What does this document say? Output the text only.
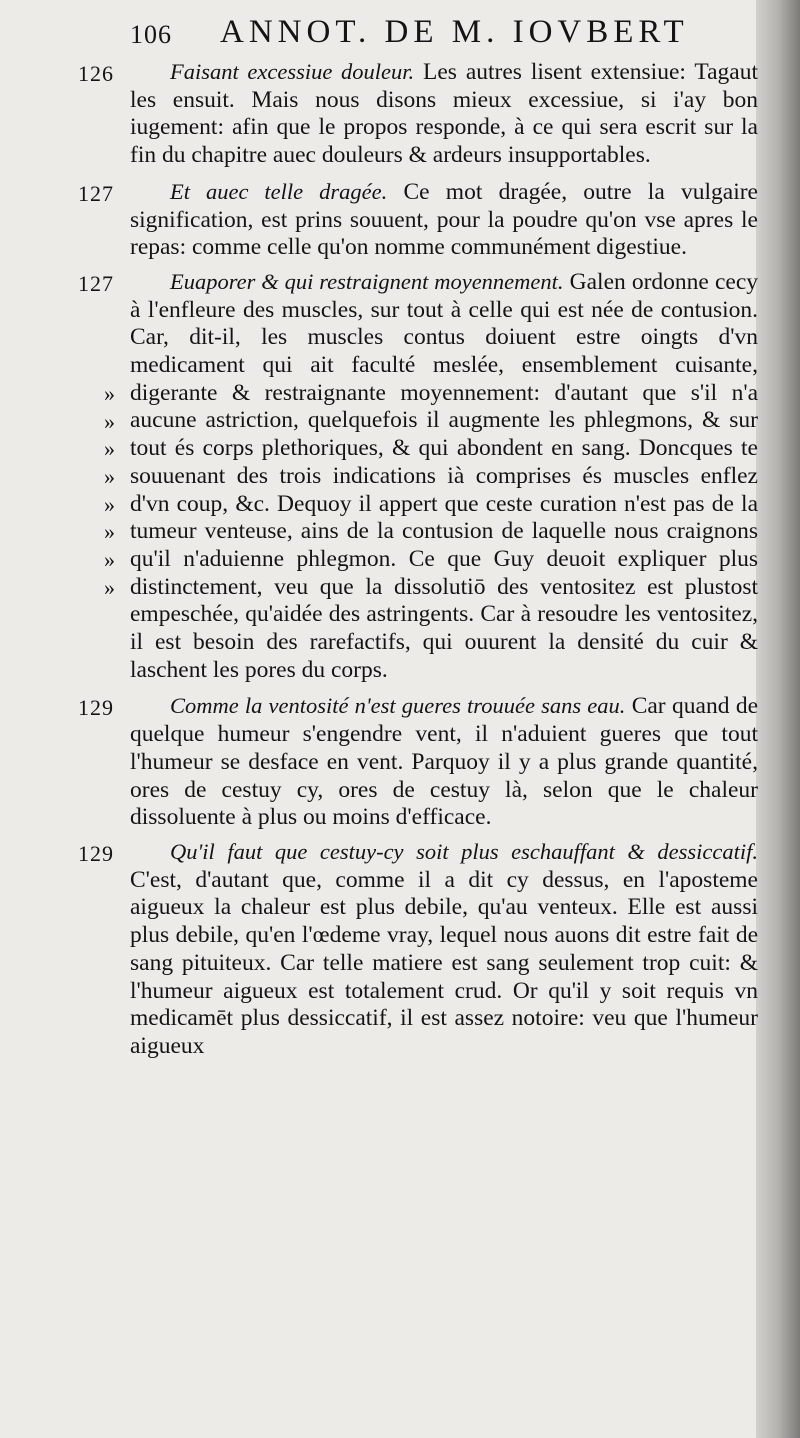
106 ANNOT. DE M. IOVBERT
126	Faisant excessiue douleur. Les autres lisent extensiue: Tagaut les ensuit. Mais nous disons mieux excessiue, si i'ay bon iugement: afin que le propos responde, à ce qui sera escrit sur la fin du chapitre auec douleurs & ardeurs insupportables.
127	Et auec telle dragée. Ce mot dragée, outre la vulgaire signification, est prins souuent, pour la poudre qu'on vse apres le repas: comme celle qu'on nomme communément digestiue.
»
»
»
»
»
»
»
»
127	Euaporer & qui restraignent moyennement. Galen ordonne cecy à l'enfleure des muscles, sur tout à celle qui est née de contusion. Car, dit-il, les muscles contus doiuent estre oingts d'vn medicament qui ait faculté meslée, ensemblement cuisante, digerante & restraignante moyennement: d'autant que s'il n'a aucune astriction, quelquefois il augmente les phlegmons, & sur tout és corps plethoriques, & qui abondent en sang. Doncques te souuenant des trois indications ià comprises és muscles enflez d'vn coup, &c. Dequoy il appert que ceste curation n'est pas de la tumeur venteuse, ains de la contusion de laquelle nous craignons qu'il n'aduienne phlegmon. Ce que Guy deuoit expliquer plus distinctement, veu que la dissolutiō des ventositez est plustost empeschée, qu'aidée des astringents. Car à resoudre les ventositez, il est besoin des rarefactifs, qui ouurent la densité du cuir & laschent les pores du corps.
129	Comme la ventosité n'est gueres trouuée sans eau. Car quand de quelque humeur s'engendre vent, il n'aduient gueres que tout l'humeur se desface en vent. Parquoy il y a plus grande quantité, ores de cestuy cy, ores de cestuy là, selon que le chaleur dissoluente à plus ou moins d'efficace.
129	Qu'il faut que cestuy-cy soit plus eschauffant & dessiccatif. C'est, d'autant que, comme il a dit cy dessus, en l'aposteme aigueux la chaleur est plus debile, qu'au venteux. Elle est aussi plus debile, qu'en l'œdeme vray, lequel nous auons dit estre fait de sang pituiteux. Car telle matiere est sang seulement trop cuit: & l'humeur aigueux est totalement crud. Or qu'il y soit requis vn medicamēt plus dessiccatif, il est assez notoire: veu que l'humeur aigueux
